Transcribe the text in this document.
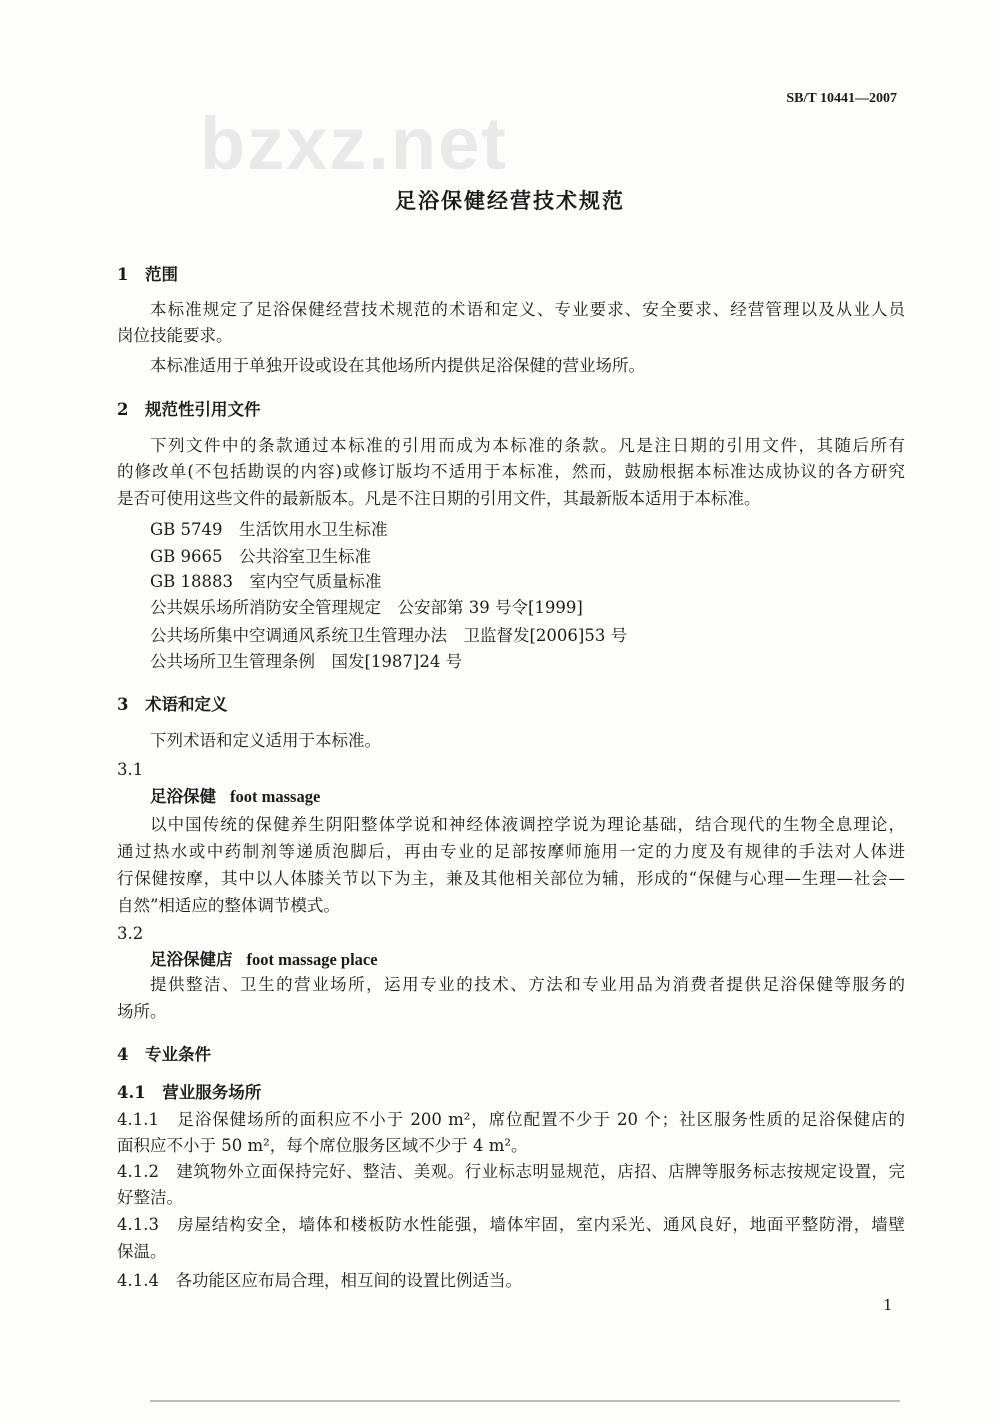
SB/T 10441—2007
bzxz.net
足浴保健经营技术规范
1　范围
本标准规定了足浴保健经营技术规范的术语和定义、专业要求、安全要求、经营管理以及从业人员
岗位技能要求。
本标准适用于单独开设或设在其他场所内提供足浴保健的营业场所。
2　规范性引用文件
下列文件中的条款通过本标准的引用而成为本标准的条款。凡是注日期的引用文件，其随后所有
的修改单(不包括勘误的内容)或修订版均不适用于本标准，然而，鼓励根据本标准达成协议的各方研究
是否可使用这些文件的最新版本。凡是不注日期的引用文件，其最新版本适用于本标准。
GB 5749　生活饮用水卫生标准
GB 9665　公共浴室卫生标准
GB 18883　室内空气质量标准
公共娱乐场所消防安全管理规定　公安部第 39 号令[1999]
公共场所集中空调通风系统卫生管理办法　卫监督发[2006]53 号
公共场所卫生管理条例　国发[1987]24 号
3　术语和定义
下列术语和定义适用于本标准。
3.1
足浴保健 foot massage
以中国传统的保健养生阴阳整体学说和神经体液调控学说为理论基础，结合现代的生物全息理论，
通过热水或中药制剂等递质泡脚后，再由专业的足部按摩师施用一定的力度及有规律的手法对人体进
行保健按摩，其中以人体膝关节以下为主，兼及其他相关部位为辅，形成的“保健与心理—生理—社会—
自然”相适应的整体调节模式。
3.2
足浴保健店 foot massage place
提供整洁、卫生的营业场所，运用专业的技术、方法和专业用品为消费者提供足浴保健等服务的
场所。
4　专业条件
4.1　营业服务场所
4.1.1　足浴保健场所的面积应不小于 200 m²，席位配置不少于 20 个；社区服务性质的足浴保健店的
面积应不小于 50 m²，每个席位服务区域不少于 4 m²。
4.1.2　建筑物外立面保持完好、整洁、美观。行业标志明显规范，店招、店牌等服务标志按规定设置，完
好整洁。
4.1.3　房屋结构安全，墙体和楼板防水性能强，墙体牢固，室内采光、通风良好，地面平整防滑，墙壁
保温。
4.1.4　各功能区应布局合理，相互间的设置比例适当。
1
